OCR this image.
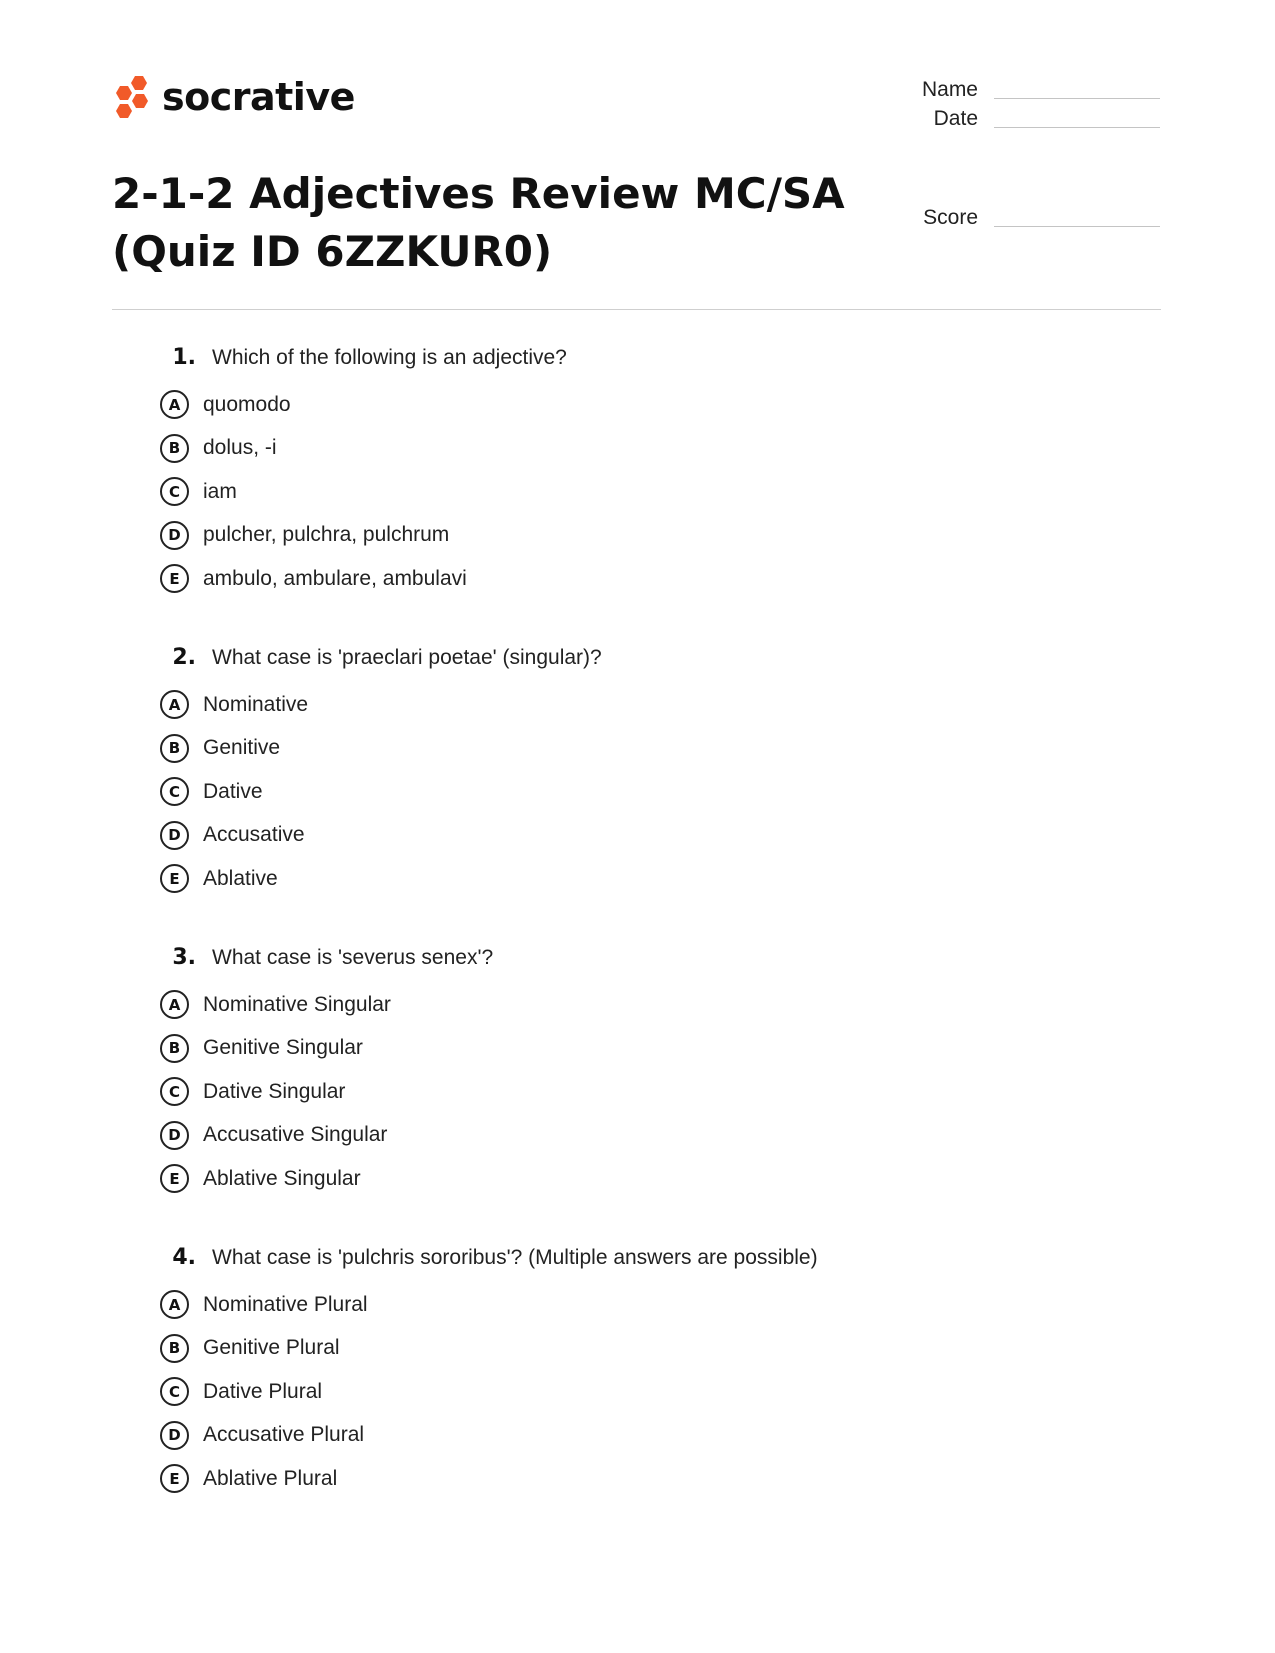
socrative	Name
Date
Score
2-1-2 Adjectives Review MC/SA
(Quiz ID 6ZZKUR0)
1. Which of the following is an adjective?
A	quomodo
B	dolus, -i
C	iam
D	pulcher, pulchra, pulchrum
E	ambulo, ambulare, ambulavi
2. What case is 'praeclari poetae' (singular)?
A	Nominative
B	Genitive
C	Dative
D	Accusative
E	Ablative
3. What case is 'severus senex'?
A	Nominative Singular
B	Genitive Singular
C	Dative Singular
D	Accusative Singular
E	Ablative Singular
4. What case is 'pulchris sororibus'? (Multiple answers are possible)
A	Nominative Plural
B	Genitive Plural
C	Dative Plural
D	Accusative Plural
E	Ablative Plural
